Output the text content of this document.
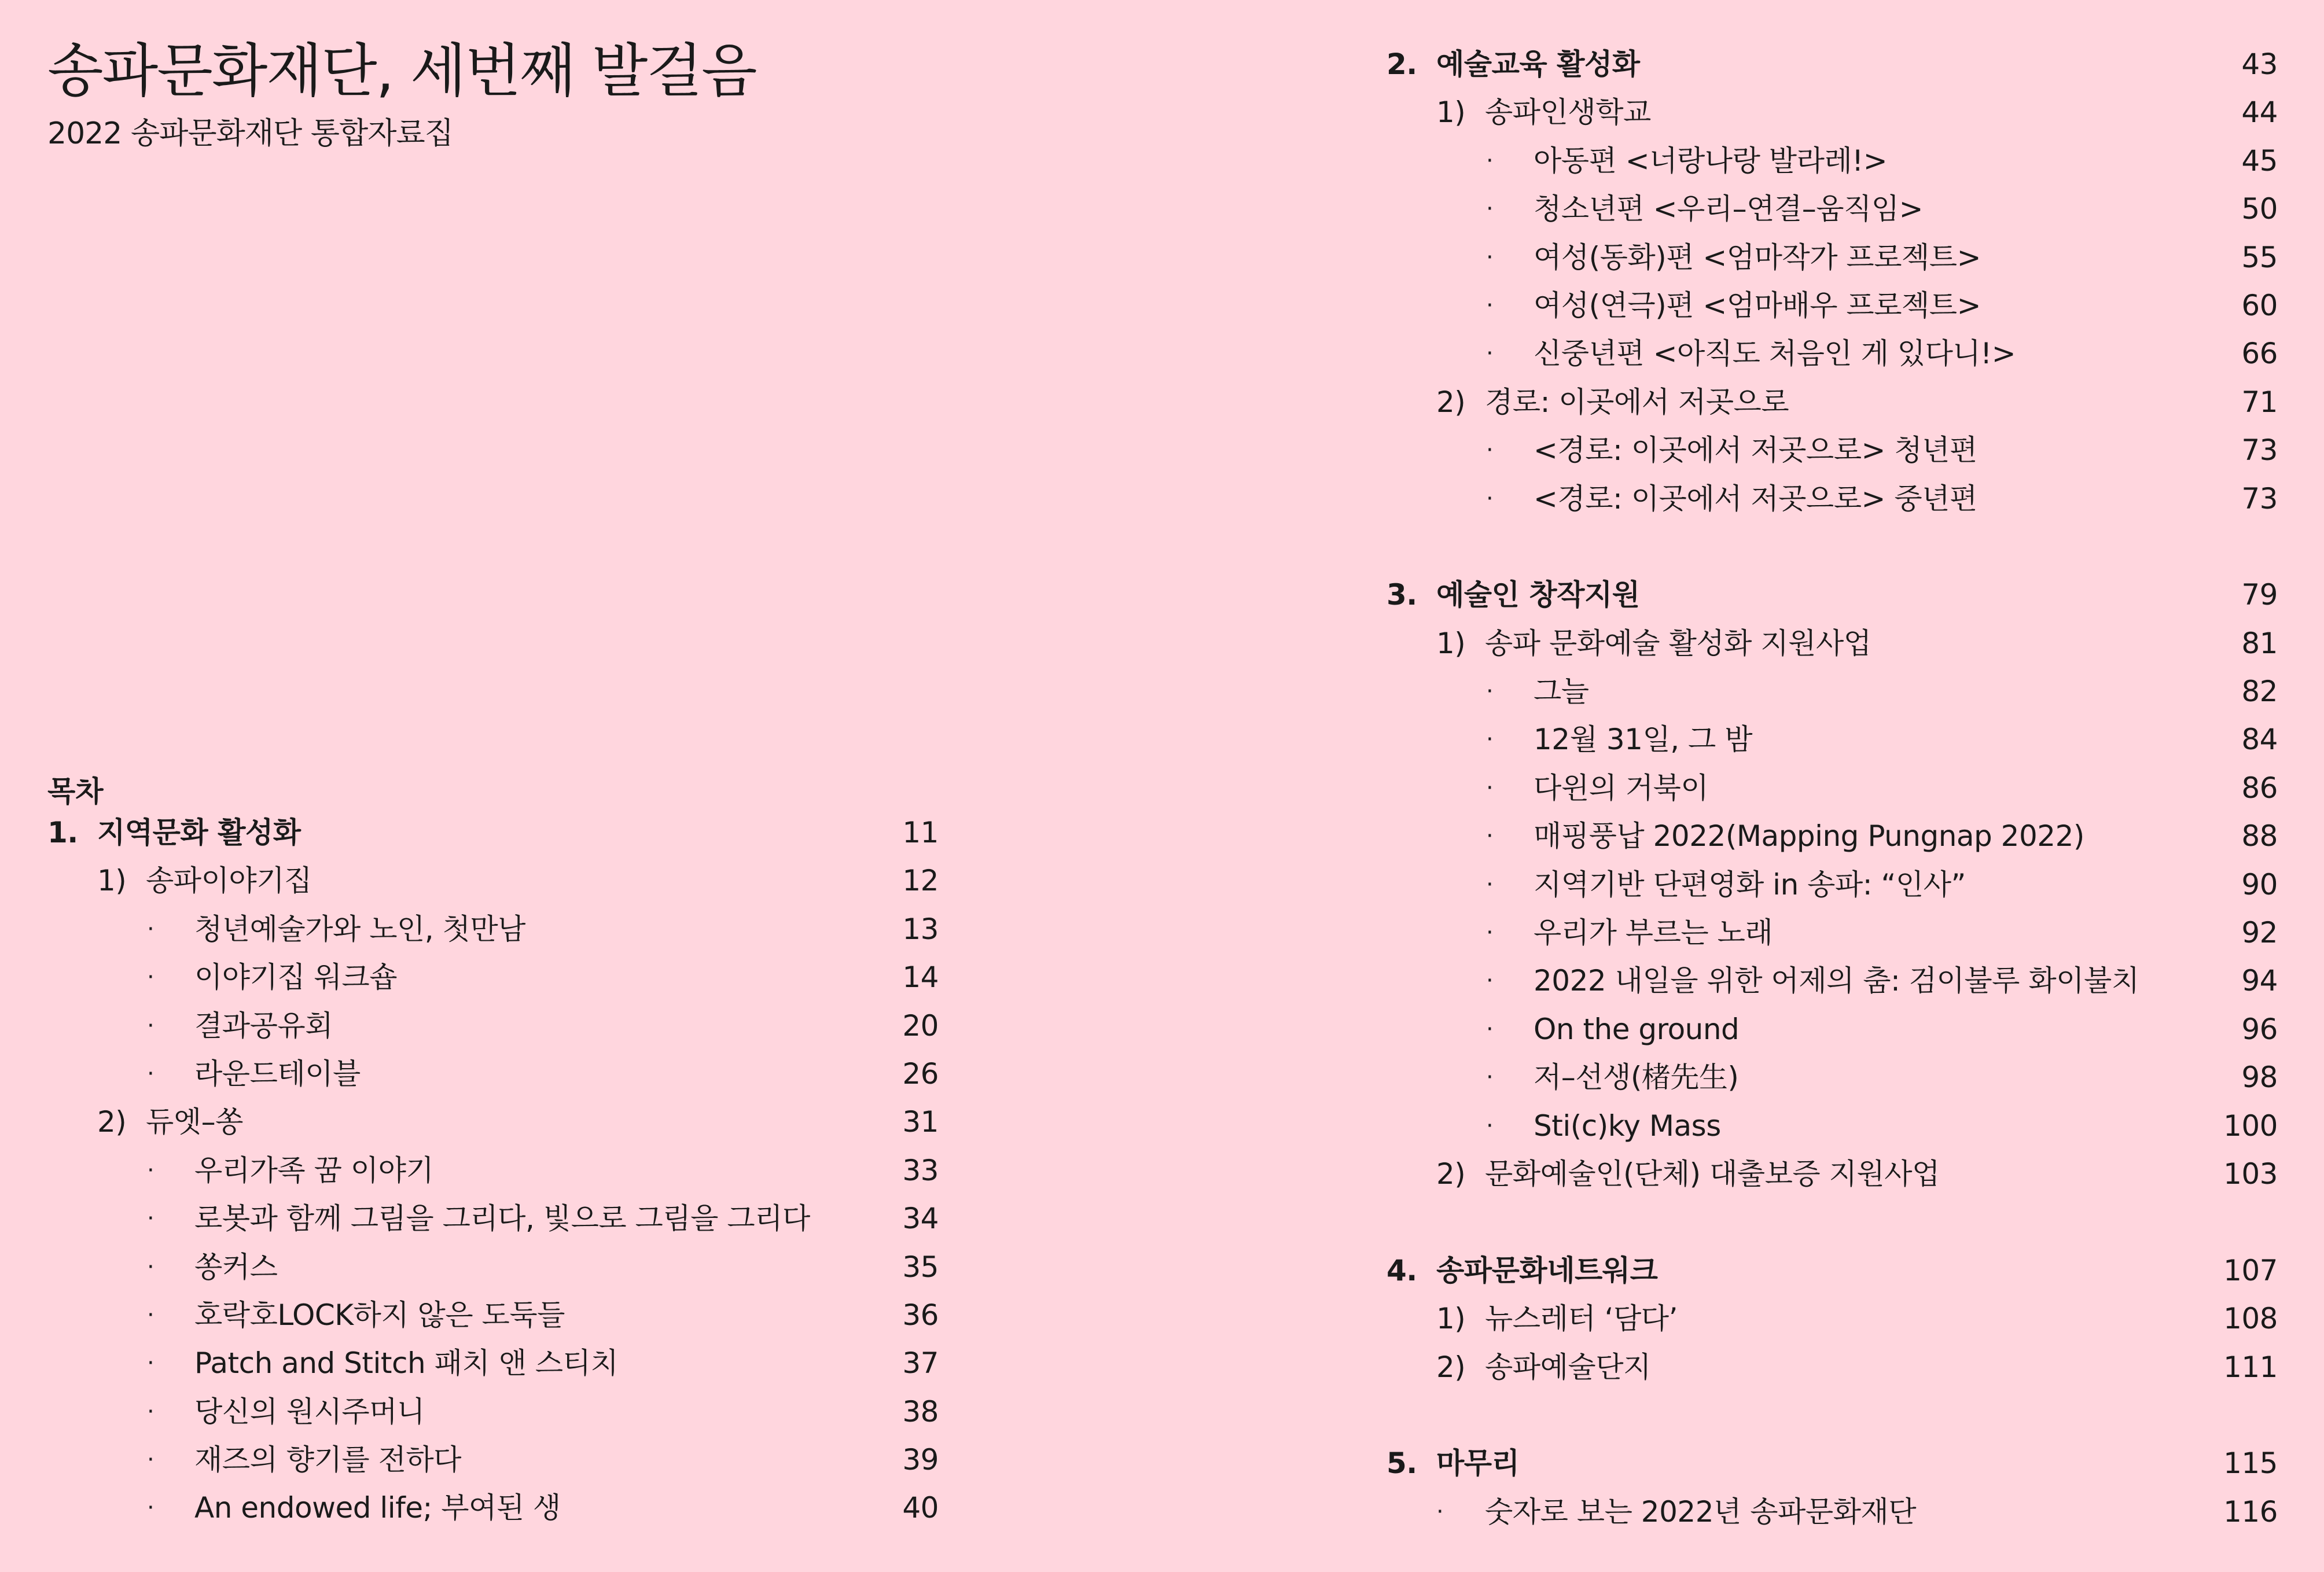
송파문화재단, 세번째 발걸음
2022 송파문화재단 통합자료집
목차
1. 지역문화 활성화	11
1) 송파이야기집	12
· 청년예술가와 노인, 첫만남	13
· 이야기집 워크숍	14
· 결과공유회	20
· 라운드테이블	26
2) 듀엣–쏭	31
· 우리가족 꿈 이야기	33
· 로봇과 함께 그림을 그리다, 빛으로 그림을 그리다	34
· 쏭커스	35
· 호락호LOCK하지 않은 도둑들	36
· Patch and Stitch 패치 앤 스티치	37
· 당신의 원시주머니	38
· 재즈의 향기를 전하다	39
· An endowed life; 부여된 생	40
2. 예술교육 활성화	43
1) 송파인생학교	44
· 아동편 <너랑나랑 발라레!>	45
· 청소년편 <우리–연결–움직임>	50
· 여성(동화)편 <엄마작가 프로젝트>	55
· 여성(연극)편 <엄마배우 프로젝트>	60
· 신중년편 <아직도 처음인 게 있다니!>	66
2) 경로: 이곳에서 저곳으로	71
· <경로: 이곳에서 저곳으로> 청년편	73
· <경로: 이곳에서 저곳으로> 중년편	73
3. 예술인 창작지원	79
1) 송파 문화예술 활성화 지원사업	81
· 그늘	82
· 12월 31일, 그 밤	84
· 다윈의 거북이	86
· 매핑풍납 2022(Mapping Pungnap 2022)	88
· 지역기반 단편영화 in 송파: “인사”	90
· 우리가 부르는 노래	92
· 2022 내일을 위한 어제의 춤: 검이불루 화이불치	94
· On the ground	96
· 저–선생(楮先生)	98
· Sti(c)ky Mass	100
2) 문화예술인(단체) 대출보증 지원사업	103
4. 송파문화네트워크	107
1) 뉴스레터 ‘담다’	108
2) 송파예술단지	111
5. 마무리	115
· 숫자로 보는 2022년 송파문화재단	116
